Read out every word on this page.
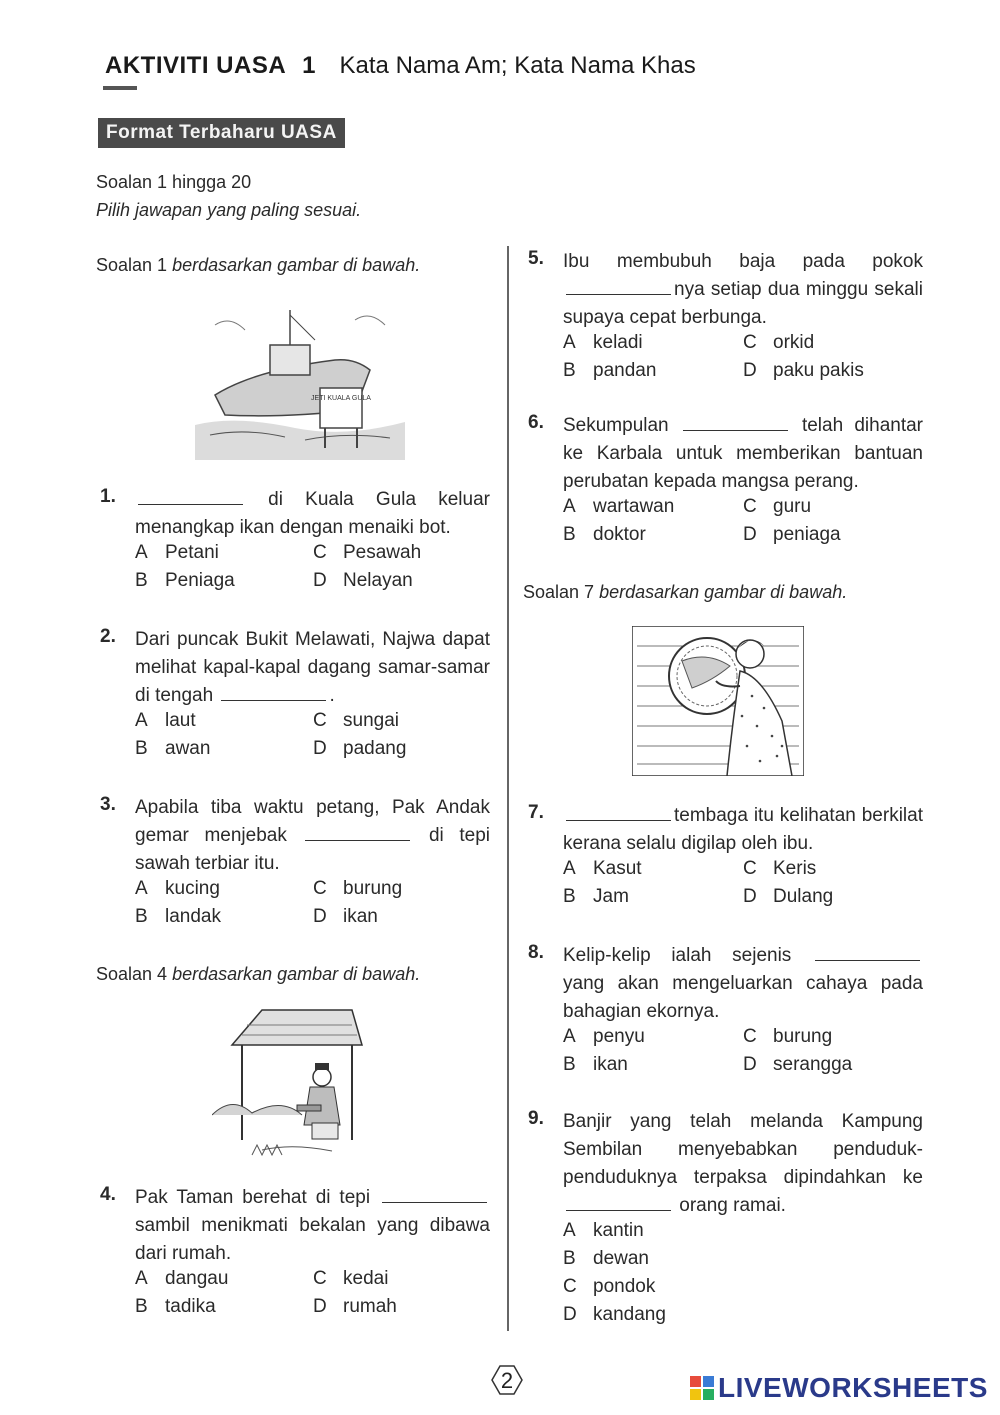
AKTIVITI UASA 1 Kata Nama Am; Kata Nama Khas
Format Terbaharu UASA
Soalan 1 hingga 20
Pilih jawapan yang paling sesuai.
Soalan 1 berdasarkan gambar di bawah.
JETI KUALA GULA
1.	di Kuala Gula keluar menangkap ikan dengan menaiki bot.
A Petani	C Pesawah
B Peniaga	D Nelayan
2.	Dari puncak Bukit Melawati, Najwa dapat melihat kapal-kapal dagang samar-samar di tengah	.
A laut	C sungai
B awan	D padang
3.	Apabila tiba waktu petang, Pak Andak gemar menjebak	di tepi sawah terbiar itu.
A kucing	C burung
B landak	D ikan
Soalan 4 berdasarkan gambar di bawah.
4.	Pak Taman berehat di tepi  sambil menikmati bekalan yang dibawa dari rumah.
A dangau	C kedai
B tadika	D rumah
5.	Ibu membubuh baja pada pokok nya setiap dua minggu sekali supaya cepat berbunga.
A keladi	C orkid
B pandan	D paku pakis
6.	Sekumpulan	telah dihantar ke Karbala untuk memberikan bantuan perubatan kepada mangsa perang.
A wartawan	C guru
B doktor	D peniaga
Soalan 7 berdasarkan gambar di bawah.
7.	tembaga itu kelihatan berkilat kerana selalu digilap oleh ibu.
A Kasut	C Keris
B Jam	D Dulang
8.	Kelip-kelip ialah sejenis  yang akan mengeluarkan cahaya pada bahagian ekornya.
A penyu	C burung
B ikan	D serangga
9.	Banjir yang telah melanda Kampung Sembilan menyebabkan penduduk-penduduknya terpaksa dipindahkan ke  orang ramai.
A kantin
B dewan
C pondok
D kandang
2	LIVEWORKSHEETS
